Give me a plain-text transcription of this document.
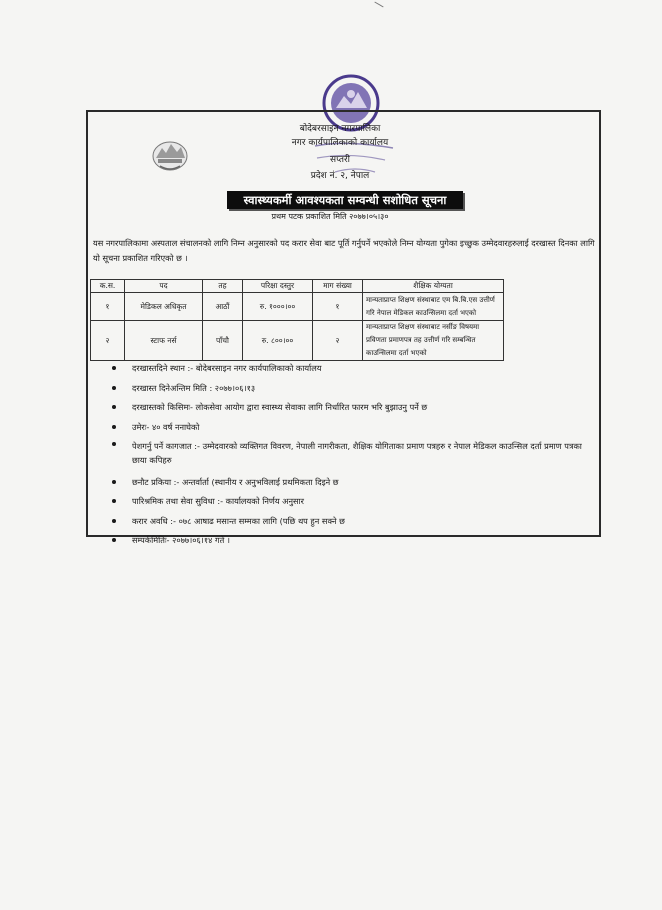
बोदेबरसाइन नगरपालिका
नगर कार्यपालिकाको कार्यालय
सप्तरी
प्रदेश नं. २, नेपाल
स्वास्थ्यकर्मी आवश्यकता सम्वन्धी सशोधित सूचना
प्रथम पटक प्रकाशित मिति २०७७।०५।३०
यस नगरपालिकामा अस्पताल संचालनको लागि निम्न अनुसारको पद करार सेवा बाट पूर्ति गर्नुपर्ने भएकोले निम्न योग्यता पुगेका इच्छुक उम्मेदवारहरुलाई दरखास्त दिनका लागि यो सूचना प्रकाशित गरिएको छ ।
क.स.	पद	तह	परिक्षा दस्तुर	माग संख्या	शैक्षिक योग्यता
१	मेडिकल अधिकृत	आठौं	रु. १०००।००	१	मान्यताप्राप्त शिक्षण संस्थाबाट एम बि.बि.एस उत्तीर्ण गरि नेपाल मेडिकल काउन्सिलमा दर्ता भएको
२	स्टाफ नर्स	पाँचौ	रु. ८००।००	२	मान्यताप्राप्त शिक्षण संस्थाबाट नर्सीङ विषयमा प्रविणता प्रमाणपत्र तह उत्तीर्ण गरि सम्बन्धित काउन्सिलमा दर्ता भएको
दरखास्तदिने स्थान :- बोदेबरसाइन नगर कार्यपालिकाको कार्यालय
दरखास्त दिनेअन्तिम मिति : २०७७।०६।१३
दरखास्तको किसिमः- लोकसेवा आयोग द्वारा स्वास्थ्य सेवाका लागि निर्धारित फारम भरि बुझाउनु पर्ने छ
उमेरः- ४० वर्ष ननाघेको
पेशगर्नु पर्ने कागजात :- उम्मेदवारको व्यक्तिगत विवरण, नेपाली नागरीकता, शैक्षिक योगिताका प्रमाण पत्रहरु र नेपाल मेडिकल काउन्सिल दर्ता प्रमाण पत्रका छाया कपिहरु
छनौट प्रकिया :- अन्तर्वार्ता (स्थानीय र अनुभविलाई प्रथमिकता दिइने छ
पारिश्रमिक तथा सेवा सुविधा :- कार्यालयको निर्णय अनुसार
करार अवधि :- ०७८ आषाढ मसान्त सम्मका लागि (पछि थप हुन सक्ने छ
सम्पर्कमितिः- २०७७।०६।१४ गते ।
